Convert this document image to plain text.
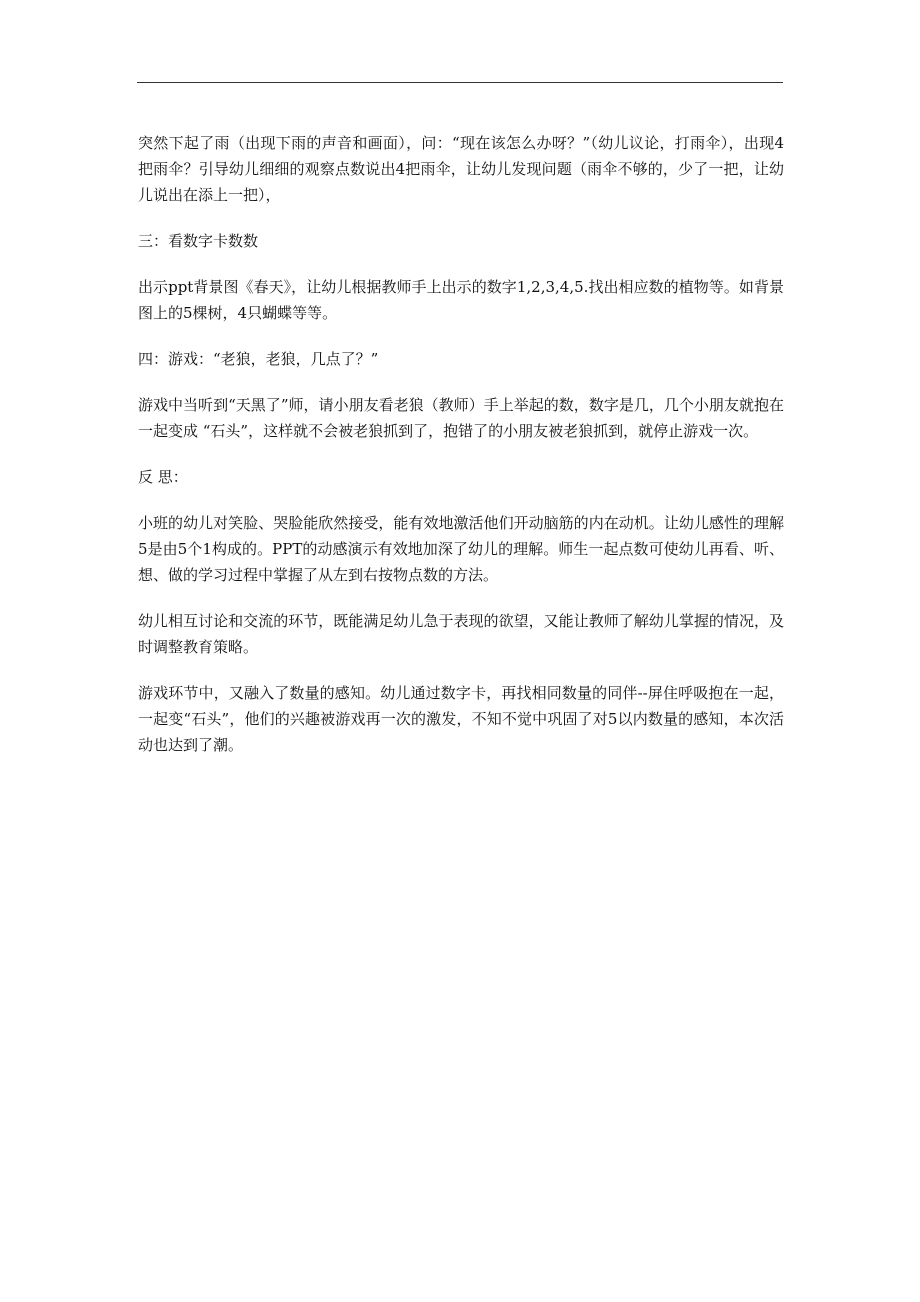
突然下起了雨（出现下雨的声音和画面），问：“现在该怎么办呀？”（幼儿议论，打雨伞），出现4把雨伞？引导幼儿细细的观察点数说出4把雨伞，让幼儿发现问题（雨伞不够的，少了一把，让幼儿说出在添上一把），

三：看数字卡数数

出示ppt背景图《春天》，让幼儿根据教师手上出示的数字1,2,3,4,5.找出相应数的植物等。如背景图上的5棵树，4只蝴蝶等等。

四：游戏：“老狼，老狼，几点了？”

游戏中当听到“天黑了”师，请小朋友看老狼（教师）手上举起的数，数字是几，几个小朋友就抱在一起变成 “石头”，这样就不会被老狼抓到了，抱错了的小朋友被老狼抓到，就停止游戏一次。

反 思：

小班的幼儿对笑脸、哭脸能欣然接受，能有效地激活他们开动脑筋的内在动机。让幼儿感性的理解5是由5个1构成的。PPT的动感演示有效地加深了幼儿的理解。师生一起点数可使幼儿再看、听、想、做的学习过程中掌握了从左到右按物点数的方法。

幼儿相互讨论和交流的环节，既能满足幼儿急于表现的欲望，又能让教师了解幼儿掌握的情况，及时调整教育策略。

游戏环节中，又融入了数量的感知。幼儿通过数字卡，再找相同数量的同伴--屏住呼吸抱在一起，一起变“石头”，他们的兴趣被游戏再一次的激发，不知不觉中巩固了对5以内数量的感知，本次活动也达到了潮。
